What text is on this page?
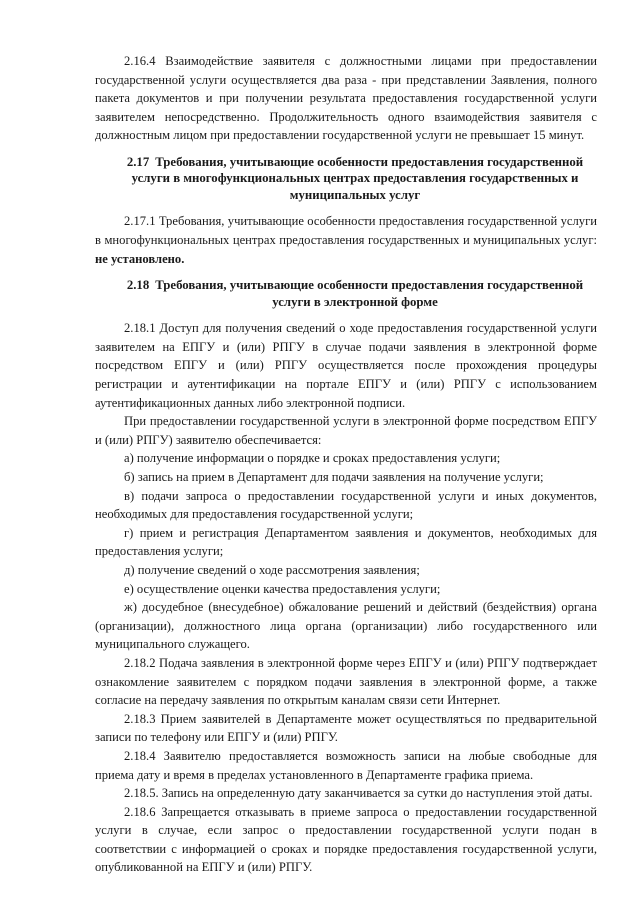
2.16.4 Взаимодействие заявителя с должностными лицами при предоставлении государственной услуги осуществляется два раза - при представлении Заявления, полного пакета документов и при получении результата предоставления государственной услуги заявителем непосредственно. Продолжительность одного взаимодействия заявителя с должностным лицом при предоставлении государственной услуги не превышает 15 минут.

2.17 Требования, учитывающие особенности предоставления государственной услуги в многофункциональных центрах предоставления государственных и муниципальных услуг

2.17.1 Требования, учитывающие особенности предоставления государственной услуги в многофункциональных центрах предоставления государственных и муниципальных услуг: не установлено.

2.18 Требования, учитывающие особенности предоставления государственной услуги в электронной форме

2.18.1 Доступ для получения сведений о ходе предоставления государственной услуги заявителем на ЕПГУ и (или) РПГУ в случае подачи заявления в электронной форме посредством ЕПГУ и (или) РПГУ осуществляется после прохождения процедуры регистрации и аутентификации на портале ЕПГУ и (или) РПГУ с использованием аутентификационных данных либо электронной подписи.

При предоставлении государственной услуги в электронной форме посредством ЕПГУ и (или) РПГУ) заявителю обеспечивается:

а) получение информации о порядке и сроках предоставления услуги;

б) запись на прием в Департамент для подачи заявления на получение услуги;

в) подачи запроса о предоставлении государственной услуги и иных документов, необходимых для предоставления государственной услуги;

г) прием и регистрация Департаментом заявления и документов, необходимых для предоставления услуги;

д) получение сведений о ходе рассмотрения заявления;

е) осуществление оценки качества предоставления услуги;

ж) досудебное (внесудебное) обжалование решений и действий (бездействия) органа (организации), должностного лица органа (организации) либо государственного или муниципального служащего.

2.18.2 Подача заявления в электронной форме через ЕПГУ и (или) РПГУ подтверждает ознакомление заявителем с порядком подачи заявления в электронной форме, а также согласие на передачу заявления по открытым каналам связи сети Интернет.

2.18.3 Прием заявителей в Департаменте может осуществляться по предварительной записи по телефону или ЕПГУ и (или) РПГУ.

2.18.4 Заявителю предоставляется возможность записи на любые свободные для приема дату и время в пределах установленного в Департаменте графика приема.

2.18.5. Запись на определенную дату заканчивается за сутки до наступления этой даты.

2.18.6 Запрещается отказывать в приеме запроса о предоставлении государственной услуги в случае, если запрос о предоставлении государственной услуги подан в соответствии с информацией о сроках и порядке предоставления государственной услуги, опубликованной на ЕПГУ и (или) РПГУ.
